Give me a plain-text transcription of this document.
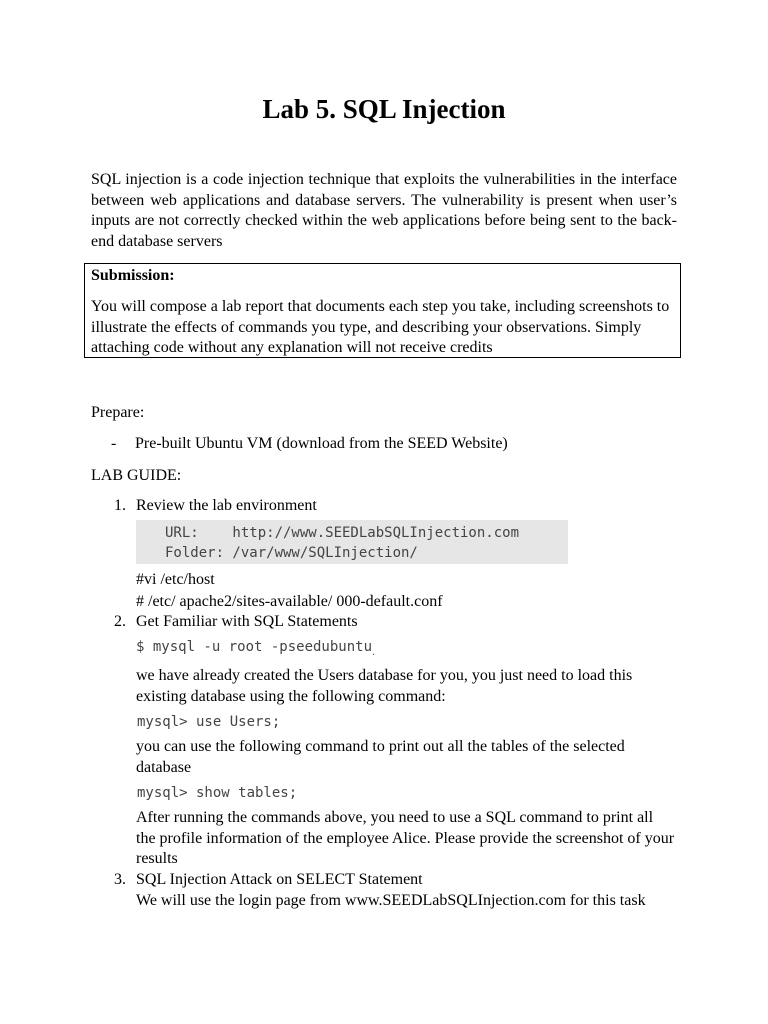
Lab 5. SQL Injection
SQL injection is a code injection technique that exploits the vulnerabilities in the interface between web applications and database servers. The vulnerability is present when user’s inputs are not correctly checked within the web applications before being sent to the back-end database servers
Submission:
You will compose a lab report that documents each step you take, including screenshots to illustrate the effects of commands you type, and describing your observations. Simply attaching code without any explanation will not receive credits
Prepare:
- Pre-built Ubuntu VM (download from the SEED Website)
LAB GUIDE:
1. Review the lab environment
URL:    http://www.SEEDLabSQLInjection.com
Folder: /var/www/SQLInjection/
#vi /etc/host
# /etc/ apache2/sites-available/ 000-default.conf
2. Get Familiar with SQL Statements
$ mysql -u root -pseedubuntu.
we have already created the Users database for you, you just need to load this existing database using the following command:
mysql> use Users;
you can use the following command to print out all the tables of the selected database
mysql> show tables;
After running the commands above, you need to use a SQL command to print all the profile information of the employee Alice. Please provide the screenshot of your results
3. SQL Injection Attack on SELECT Statement
We will use the login page from www.SEEDLabSQLInjection.com for this task
